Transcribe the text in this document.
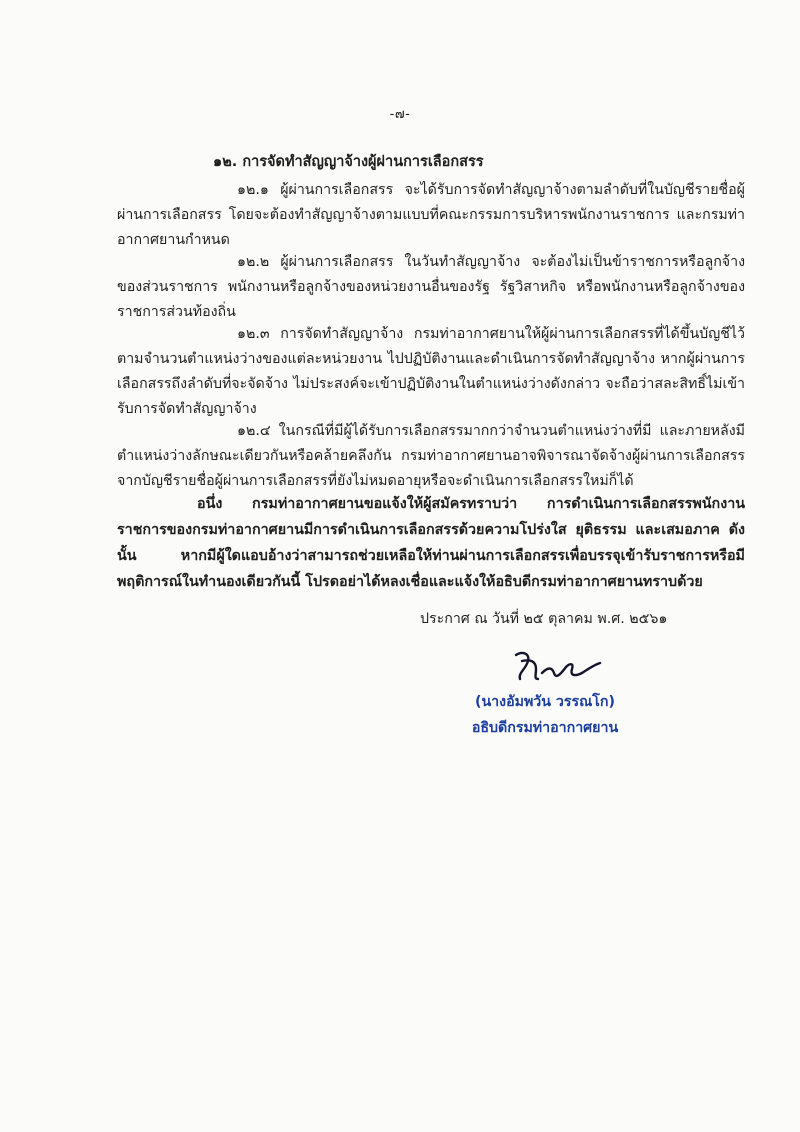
-๗-
๑๒. การจัดทำสัญญาจ้างผู้ผ่านการเลือกสรร

๑๒.๑ ผู้ผ่านการเลือกสรร จะได้รับการจัดทำสัญญาจ้างตามลำดับที่ในบัญชีรายชื่อผู้ผ่านการเลือกสรร โดยจะต้องทำสัญญาจ้างตามแบบที่คณะกรรมการบริหารพนักงานราชการ และกรมท่าอากาศยานกำหนด

๑๒.๒ ผู้ผ่านการเลือกสรร ในวันทำสัญญาจ้าง จะต้องไม่เป็นข้าราชการหรือลูกจ้างของส่วนราชการ พนักงานหรือลูกจ้างของหน่วยงานอื่นของรัฐ รัฐวิสาหกิจ หรือพนักงานหรือลูกจ้างของราชการส่วนท้องถิ่น

๑๒.๓ การจัดทำสัญญาจ้าง กรมท่าอากาศยานให้ผู้ผ่านการเลือกสรรที่ได้ขึ้นบัญชีไว้ตามจำนวนตำแหน่งว่างของแต่ละหน่วยงาน ไปปฏิบัติงานและดำเนินการจัดทำสัญญาจ้าง หากผู้ผ่านการเลือกสรรถึงลำดับที่จะจัดจ้าง ไม่ประสงค์จะเข้าปฏิบัติงานในตำแหน่งว่างดังกล่าว จะถือว่าสละสิทธิ์ไม่เข้ารับการจัดทำสัญญาจ้าง

๑๒.๔ ในกรณีที่มีผู้ได้รับการเลือกสรรมากกว่าจำนวนตำแหน่งว่างที่มี และภายหลังมีตำแหน่งว่างลักษณะเดียวกันหรือคล้ายคลึงกัน กรมท่าอากาศยานอาจพิจารณาจัดจ้างผู้ผ่านการเลือกสรรจากบัญชีรายชื่อผู้ผ่านการเลือกสรรที่ยังไม่หมดอายุหรือจะดำเนินการเลือกสรรใหม่ก็ได้

อนึ่ง กรมท่าอากาศยานขอแจ้งให้ผู้สมัครทราบว่า การดำเนินการเลือกสรรพนักงานราชการของกรมท่าอากาศยานมีการดำเนินการเลือกสรรด้วยความโปร่งใส ยุติธรรม และเสมอภาค ดังนั้น หากมีผู้ใดแอบอ้างว่าสามารถช่วยเหลือให้ท่านผ่านการเลือกสรรเพื่อบรรจุเข้ารับราชการหรือมีพฤติการณ์ในทำนองเดียวกันนี้ โปรดอย่าได้หลงเชื่อและแจ้งให้อธิบดีกรมท่าอากาศยานทราบด้วย
ประกาศ ณ วันที่ ๒๕ ตุลาคม พ.ศ. ๒๕๖๑
(นางอัมพวัน วรรณโก)
อธิบดีกรมท่าอากาศยาน
